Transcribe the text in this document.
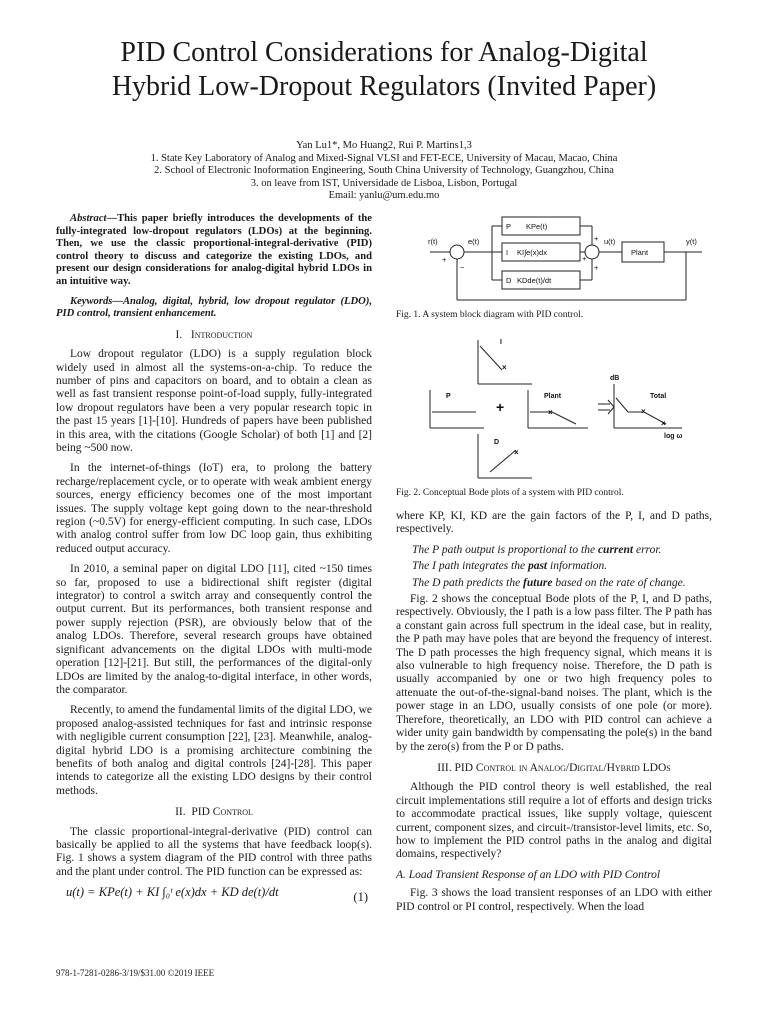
PID Control Considerations for Analog-Digital
Hybrid Low-Dropout Regulators (Invited Paper)
Yan Lu1*, Mo Huang2, Rui P. Martins1,3
1. State Key Laboratory of Analog and Mixed-Signal VLSI and FET-ECE, University of Macau, Macao, China
2. School of Electronic Inoformation Engineering, South China University of Technology, Guangzhou, China
3. on leave from IST, Universidade de Lisboa, Lisbon, Portugal
Email: yanlu@um.edu.mo

Abstract—This paper briefly introduces the developments of the fully-integrated low-dropout regulators (LDOs) at the beginning. Then, we use the classic proportional-integral-derivative (PID) control theory to discuss and categorize the existing LDOs, and present our design considerations for analog-digital hybrid LDOs in an intuitive way.

Keywords—Analog, digital, hybrid, low dropout regulator (LDO), PID control, transient enhancement.

I. Introduction

Low dropout regulator (LDO) is a supply regulation block widely used in almost all the systems-on-a-chip. To reduce the number of pins and capacitors on board, and to obtain a clean as well as fast transient response point-of-load supply, fully-integrated low dropout regulators have been a very popular research topic in the past 15 years [1]-[10]. Hundreds of papers have been published in this area, with the citations (Google Scholar) of both [1] and [2] being ~500 now.

In the internet-of-things (IoT) era, to prolong the battery recharge/replacement cycle, or to operate with weak ambient energy sources, energy efficiency becomes one of the most important issues. The supply voltage kept going down to the near-threshold region (~0.5V) for energy-efficient computing. In such case, LDOs with analog control suffer from low DC loop gain, thus exhibiting reduced output accuracy.

In 2010, a seminal paper on digital LDO [11], cited ~150 times so far, proposed to use a bidirectional shift register (digital integrator) to control a switch array and consequently control the output current. But its performances, both transient response and power supply rejection (PSR), are obviously below that of the analog LDOs. Therefore, several research groups have obtained significant advancements on the digital LDOs with multi-mode operation [12]-[21]. But still, the performances of the digital-only LDOs are limited by the analog-to-digital interface, in other words, the comparator.

Recently, to amend the fundamental limits of the digital LDO, we proposed analog-assisted techniques for fast and intrinsic response with negligible current consumption [22], [23]. Meanwhile, analog-digital hybrid LDO is a promising architecture combining the benefits of both analog and digital controls [24]-[28]. This paper intends to categorize all the existing LDO designs by their control methods.

II. PID Control

The classic proportional-integral-derivative (PID) control can basically be applied to all the systems that have feedback loop(s). Fig. 1 shows a system diagram of the PID control with three paths and the plant under control. The PID function can be expressed as:

u(t) = KPe(t) + KI ∫₀ᵗ e(x)dx + KD de(t)/dt	(1)
r(t)	e(t)
P KPe(t)
I KI∫e(x)dx
D KDde(t)/dt
u(t)
Plant
y(t)
+
−
+
+
+
Fig. 1. A system block diagram with PID control.
I
P	Plant
D
dB
Total
log ω
+
×
×	×
×
×
Fig. 2. Conceptual Bode plots of a system with PID control.

where KP, KI, KD are the gain factors of the P, I, and D paths, respectively.

The P path output is proportional to the current error.

The I path integrates the past information.

The D path predicts the future based on the rate of change.

Fig. 2 shows the conceptual Bode plots of the P, I, and D paths, respectively. Obviously, the I path is a low pass filter. The P path has a constant gain across full spectrum in the ideal case, but in reality, the P path may have poles that are beyond the frequency of interest. The D path processes the high frequency signal, which means it is also vulnerable to high frequency noise. Therefore, the D path is usually accompanied by one or two high frequency poles to attenuate the out-of-the-signal-band noises. The plant, which is the power stage in an LDO, usually consists of one pole (or more). Therefore, theoretically, an LDO with PID control can achieve a wider unity gain bandwidth by compensating the pole(s) in the band by the zero(s) from the P or D paths.

III. PID Control in Analog/Digital/Hybrid LDOs

Although the PID control theory is well established, the real circuit implementations still require a lot of efforts and design tricks to accommodate practical issues, like supply voltage, quiescent current, component sizes, and circuit-/transistor-level limits, etc. So, how to implement the PID control paths in the analog and digital domains, respectively?

A. Load Transient Response of an LDO with PID Control

Fig. 3 shows the load transient responses of an LDO with either PID control or PI control, respectively. When the load

978-1-7281-0286-3/19/$31.00 ©2019 IEEE
